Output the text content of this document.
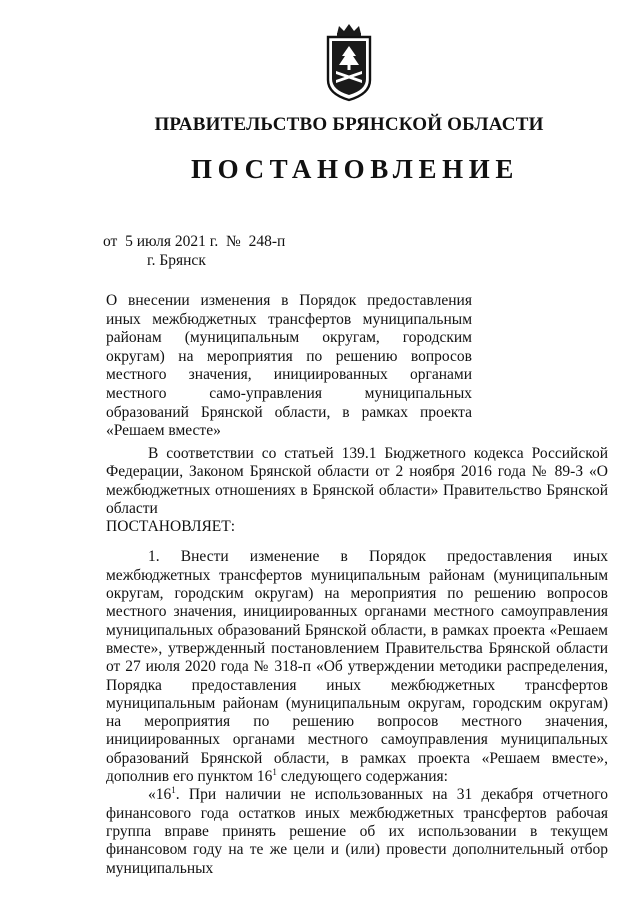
ПРАВИТЕЛЬСТВО БРЯНСКОЙ ОБЛАСТИ
ПОСТАНОВЛЕНИЕ
от  5 июля 2021 г.  №  248-п
г. Брянск
О внесении изменения в Порядок предоставления иных межбюджетных трансфертов муниципальным районам (муниципальным округам, городским округам) на мероприятия по решению вопросов местного значения, инициированных органами местного само-управления муниципальных образований Брянской области, в рамках проекта «Решаем вместе»

В соответствии со статьей 139.1 Бюджетного кодекса Российской Федерации, Законом Брянской области от 2 ноября 2016 года № 89-З «О межбюджетных отношениях в Брянской области» Правительство Брянской области

ПОСТАНОВЛЯЕТ:

1. Внести изменение в Порядок предоставления иных межбюджетных трансфертов муниципальным районам (муниципальным округам, городским округам) на мероприятия по решению вопросов местного значения, инициированных органами местного самоуправления муниципальных образований Брянской области, в рамках проекта «Решаем вместе», утвержденный постановлением Правительства Брянской области от 27 июля 2020 года № 318-п «Об утверждении методики распределения, Порядка предоставления иных межбюджетных трансфертов муниципальным районам (муниципальным округам, городским округам) на мероприятия по решению вопросов местного значения, инициированных органами местного самоуправления муниципальных образований Брянской области, в рамках проекта «Решаем вместе», дополнив его пунктом $16^1$ следующего содержания:

«$16^1$. При наличии не использованных на 31 декабря отчетного финансового года остатков иных межбюджетных трансфертов рабочая группа вправе принять решение об их использовании в текущем финансовом году на те же цели и (или) провести дополнительный отбор муниципальных
